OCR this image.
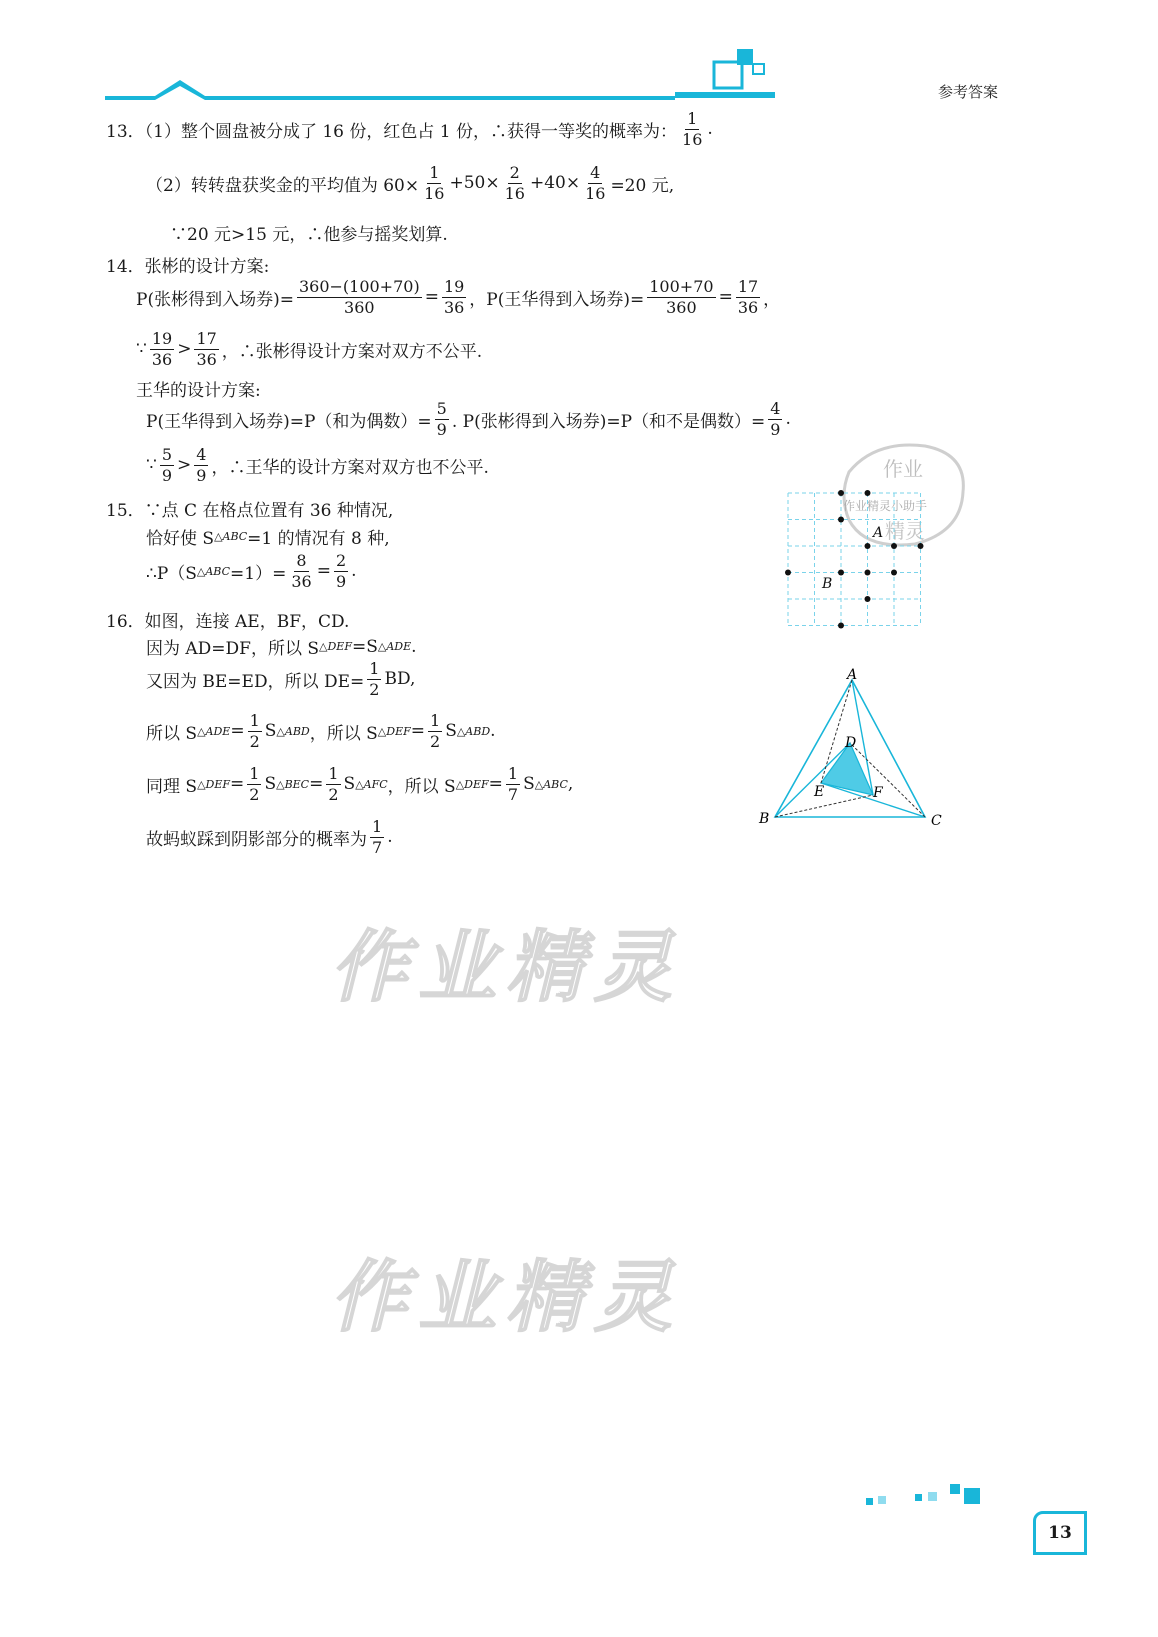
参考答案
13．（1）整个圆盘被分成了 16 份，红色占 1 份，∴获得一等奖的概率为： $\frac{1}{16}$ .
（2）转转盘获奖金的平均值为 $60\times \frac{1}{16} +50\times \frac{2}{16} +40\times \frac{4}{16} =20$ 元,
∵20 元>15 元，∴他参与摇奖划算.
14．张彬的设计方案:
P(张彬得到入场券)= $\frac{360-(100+70)}{360} = \frac{19}{36}$ ，P(王华得到入场券)= $\frac{100+70}{360} = \frac{17}{36}$ ，
∵ $\frac{19}{36} > \frac{17}{36}$ ，∴张彬得设计方案对双方不公平.
王华的设计方案:
P(王华得到入场券)=P（和为偶数）= $\frac{5}{9}$ . P(张彬得到入场券)=P（和不是偶数）= $\frac{4}{9}$ .
∵ $\frac{5}{9} > \frac{4}{9}$ ，∴王华的设计方案对双方也不公平.
15．∵点 C 在格点位置有 36 种情况,
恰好使 S △ABC =1 的情况有 8 种,
∴P（S △ABC $=1)= \frac{8}{36} = \frac{2}{9}$ .
作业
作业精灵小助手
精灵
A
B
16．如图，连接 AE，BF，CD.
因为 AD=DF，所以 S △DEF =S △ADE .
又因为 BE=ED，所以 $DE= \frac{1}{2}$ BD,
所以 S △ADE = $\frac{1}{2}$ S △ABD ，所以 S △DEF = $\frac{1}{2}$ S △ABD .
同理 S △DEF = $\frac{1}{2}$ S △BEC = $\frac{1}{2}$ S △AFC ，所以 S △DEF = $\frac{1}{7}$ S △ABC ,
故蚂蚁踩到阴影部分的概率为 $\frac{1}{7}$ .
A
B	C
D
E	F
作业精灵
作业精灵
13
